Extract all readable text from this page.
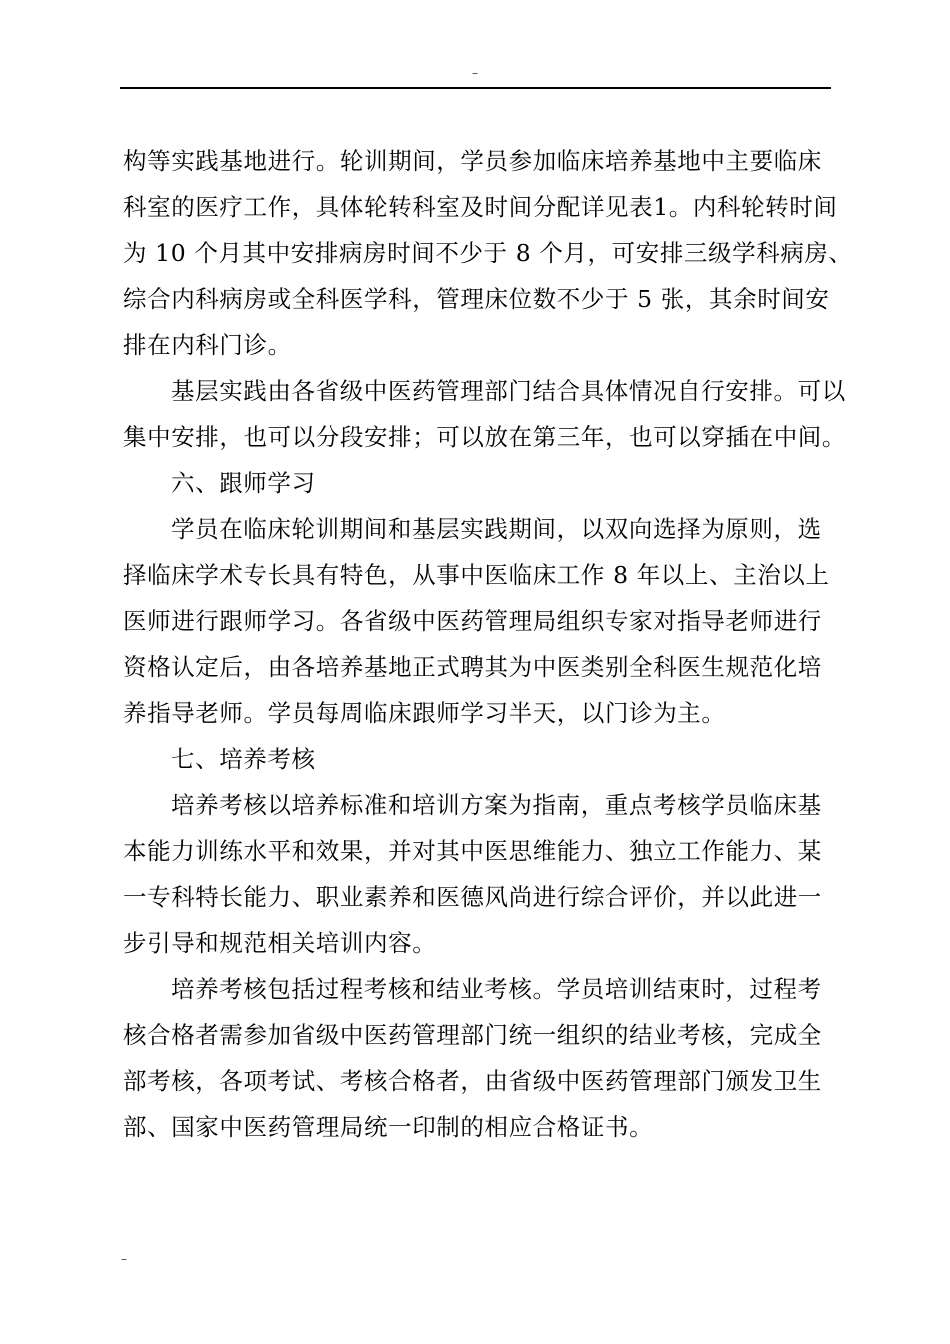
–
构等实践基地进行。轮训期间，学员参加临床培养基地中主要临床
科室的医疗工作，具体轮转科室及时间分配详见表1。内科轮转时间
为 10 个月其中安排病房时间不少于 8 个月，可安排三级学科病房、
综合内科病房或全科医学科，管理床位数不少于 5 张，其余时间安
排在内科门诊。
基层实践由各省级中医药管理部门结合具体情况自行安排。可以
集中安排，也可以分段安排；可以放在第三年，也可以穿插在中间。
六、跟师学习
学员在临床轮训期间和基层实践期间，以双向选择为原则，选
择临床学术专长具有特色，从事中医临床工作 8 年以上、主治以上
医师进行跟师学习。各省级中医药管理局组织专家对指导老师进行
资格认定后，由各培养基地正式聘其为中医类别全科医生规范化培
养指导老师。学员每周临床跟师学习半天，以门诊为主。
七、培养考核
培养考核以培养标准和培训方案为指南，重点考核学员临床基
本能力训练水平和效果，并对其中医思维能力、独立工作能力、某
一专科特长能力、职业素养和医德风尚进行综合评价，并以此进一
步引导和规范相关培训内容。
培养考核包括过程考核和结业考核。学员培训结束时，过程考
核合格者需参加省级中医药管理部门统一组织的结业考核，完成全
部考核，各项考试、考核合格者，由省级中医药管理部门颁发卫生
部、国家中医药管理局统一印制的相应合格证书。
–
